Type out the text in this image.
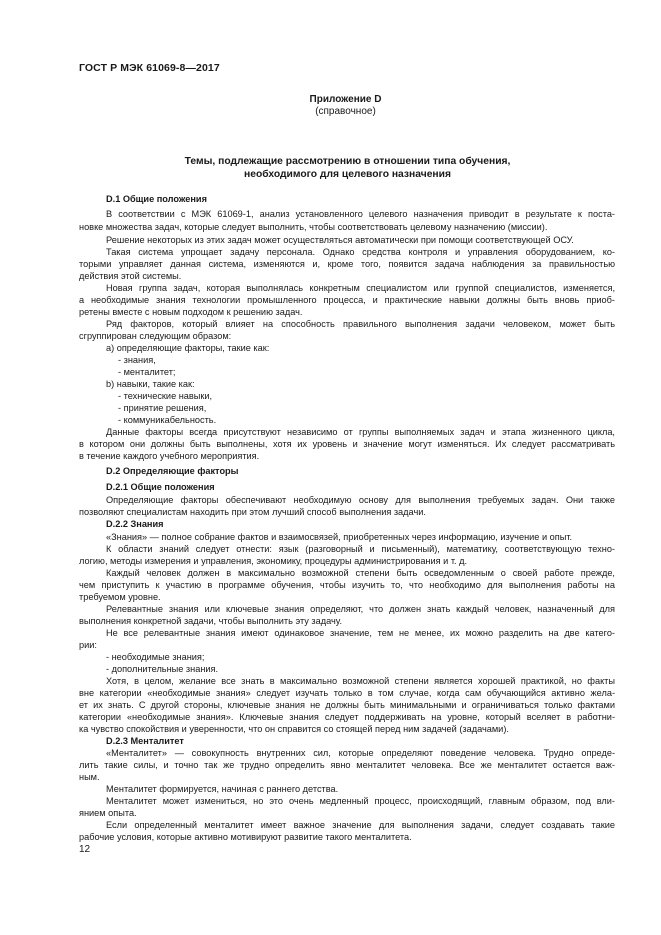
ГОСТ Р МЭК 61069-8—2017
Приложение D
(справочное)
Темы, подлежащие рассмотрению в отношении типа обучения,
необходимого для целевого назначения
D.1 Общие положения
В соответствии с МЭК 61069-1, анализ установленного целевого назначения приводит в результате к поста-
новке множества задач, которые следует выполнить, чтобы соответствовать целевому назначению (миссии).
Решение некоторых из этих задач может осуществляться автоматически при помощи соответствующей ОСУ.
Такая система упрощает задачу персонала. Однако средства контроля и управления оборудованием, ко-
торыми управляет данная система, изменяются и, кроме того, появится задача наблюдения за правильностью
действия этой системы.
Новая группа задач, которая выполнялась конкретным специалистом или группой специалистов, изменяется,
а необходимые знания технологии промышленного процесса, и практические навыки должны быть вновь приоб-
ретены вместе с новым подходом к решению задач.
Ряд факторов, который влияет на способность правильного выполнения задачи человеком, может быть
сгруппирован следующим образом:
a) определяющие факторы, такие как:
- знания,
- менталитет;
b) навыки, такие как:
- технические навыки,
- принятие решения,
- коммуникабельность.
Данные факторы всегда присутствуют независимо от группы выполняемых задач и этапа жизненного цикла,
в котором они должны быть выполнены, хотя их уровень и значение могут изменяться. Их следует рассматривать
в течение каждого учебного мероприятия.
D.2 Определяющие факторы
D.2.1 Общие положения
Определяющие факторы обеспечивают необходимую основу для выполнения требуемых задач. Они также
позволяют специалистам находить при этом лучший способ выполнения задачи.
D.2.2 Знания
«Знания» — полное собрание фактов и взаимосвязей, приобретенных через информацию, изучение и опыт.
К области знаний следует отнести: язык (разговорный и письменный), математику, соответствующую техно-
логию, методы измерения и управления, экономику, процедуры администрирования и т. д.
Каждый человек должен в максимально возможной степени быть осведомленным о своей работе прежде,
чем приступить к участию в программе обучения, чтобы изучить то, что необходимо для выполнения работы на
требуемом уровне.
Релевантные знания или ключевые знания определяют, что должен знать каждый человек, назначенный для
выполнения конкретной задачи, чтобы выполнить эту задачу.
Не все релевантные знания имеют одинаковое значение, тем не менее, их можно разделить на две катего-
рии:
- необходимые знания;
- дополнительные знания.
Хотя, в целом, желание все знать в максимально возможной степени является хорошей практикой, но факты
вне категории «необходимые знания» следует изучать только в том случае, когда сам обучающийся активно жела-
ет их знать. С другой стороны, ключевые знания не должны быть минимальными и ограничиваться только фактами
категории «необходимые знания». Ключевые знания следует поддерживать на уровне, который вселяет в работни-
ка чувство спокойствия и уверенности, что он справится со стоящей перед ним задачей (задачами).
D.2.3 Менталитет
«Менталитет» — совокупность внутренних сил, которые определяют поведение человека. Трудно опреде-
лить такие силы, и точно так же трудно определить явно менталитет человека. Все же менталитет остается важ-
ным.
Менталитет формируется, начиная с раннего детства.
Менталитет может измениться, но это очень медленный процесс, происходящий, главным образом, под вли-
янием опыта.
Если определенный менталитет имеет важное значение для выполнения задачи, следует создавать такие
рабочие условия, которые активно мотивируют развитие такого менталитета.
12
